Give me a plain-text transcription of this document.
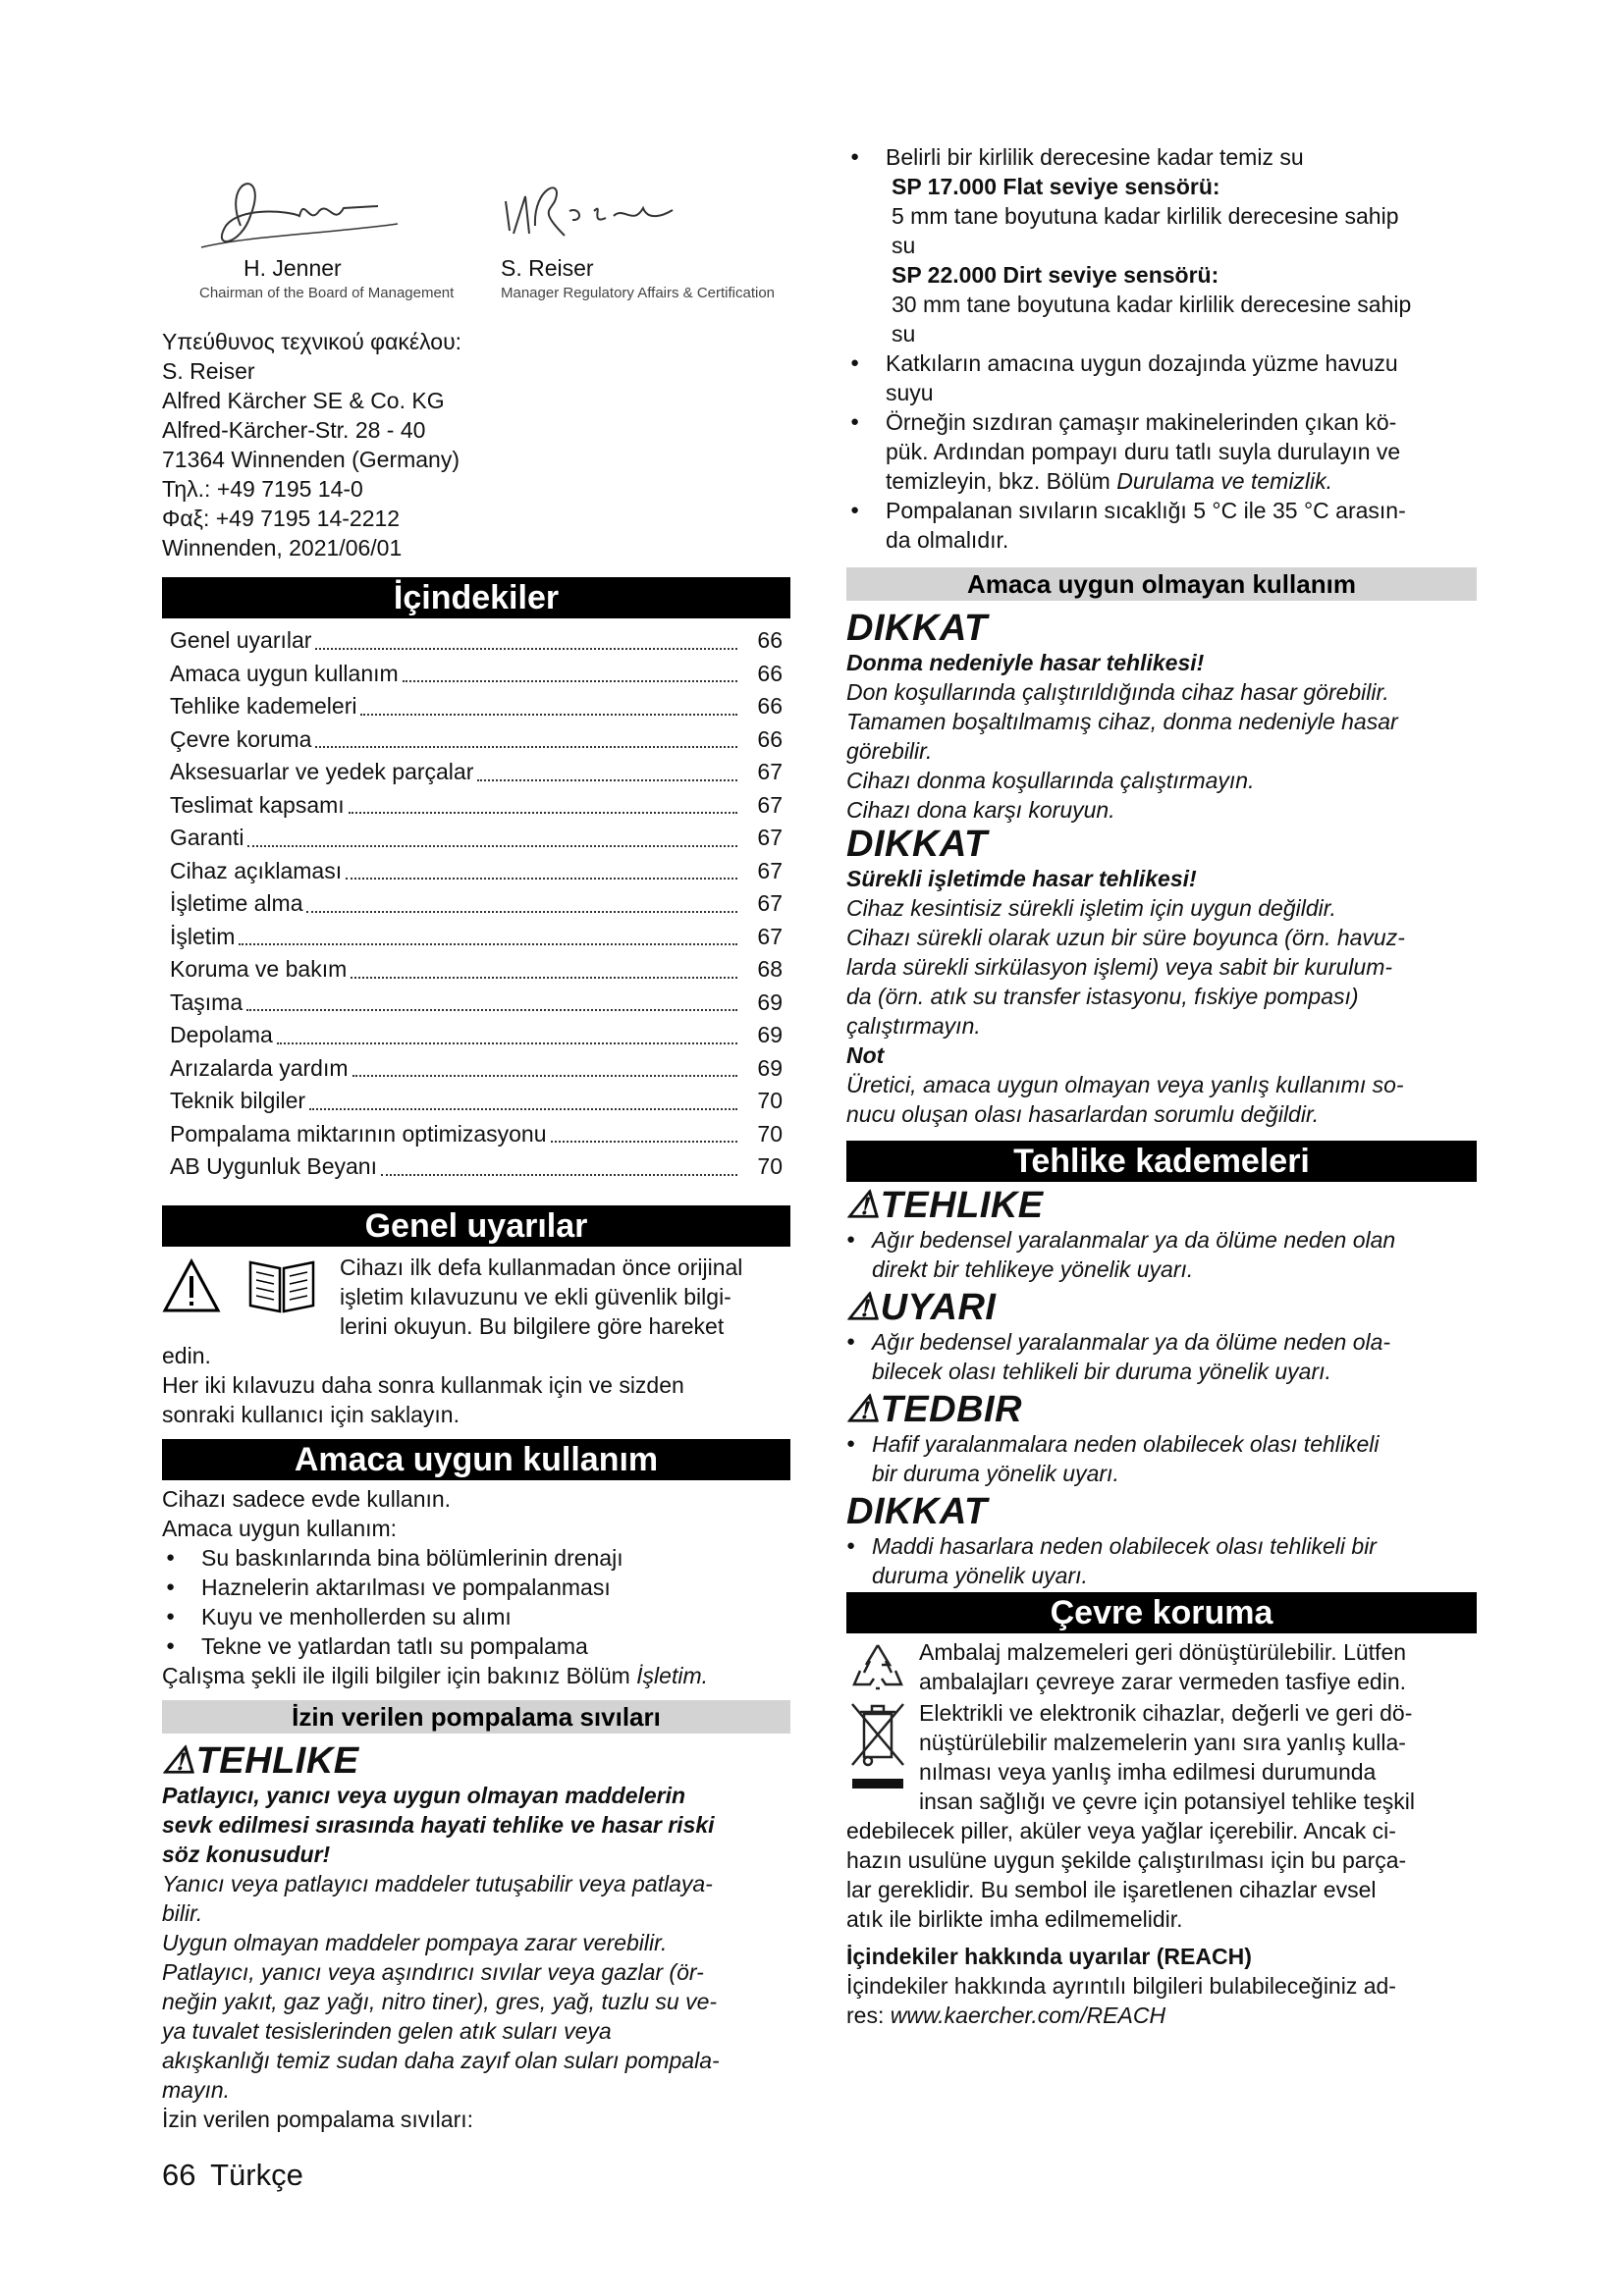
H. Jenner
Chairman of the Board of Management
S. Reiser
Manager Regulatory Affairs & Certification
Υπεύθυνος τεχνικού φακέλου:
S. Reiser
Alfred Kärcher SE & Co. KG
Alfred-Kärcher-Str. 28 - 40
71364 Winnenden (Germany)
Τηλ.: +49 7195 14-0
Φαξ: +49 7195 14-2212
Winnenden, 2021/06/01
İçindekiler
Genel uyarılar	66
Amaca uygun kullanım	66
Tehlike kademeleri	66
Çevre koruma	66
Aksesuarlar ve yedek parçalar	67
Teslimat kapsamı	67
Garanti	67
Cihaz açıklaması	67
İşletime alma	67
İşletim	67
Koruma ve bakım	68
Taşıma	69
Depolama	69
Arızalarda yardım	69
Teknik bilgiler	70
Pompalama miktarının optimizasyonu	70
AB Uygunluk Beyanı	70
Genel uyarılar
Cihazı ilk defa kullanmadan önce orijinal
işletim kılavuzunu ve ekli güvenlik bilgi-
lerini okuyun. Bu bilgilere göre hareket
edin.
Her iki kılavuzu daha sonra kullanmak için ve sizden
sonraki kullanıcı için saklayın.
Amaca uygun kullanım
Cihazı sadece evde kullanın.
Amaca uygun kullanım:
● Su baskınlarında bina bölümlerinin drenajı
● Haznelerin aktarılması ve pompalanması
● Kuyu ve menhollerden su alımı
● Tekne ve yatlardan tatlı su pompalama
Çalışma şekli ile ilgili bilgiler için bakınız Bölüm İşletim.
İzin verilen pompalama sıvıları
⚠TEHLIKE
Patlayıcı, yanıcı veya uygun olmayan maddelerin
sevk edilmesi sırasında hayati tehlike ve hasar riski
söz konusudur!
Yanıcı veya patlayıcı maddeler tutuşabilir veya patlaya-
bilir.
Uygun olmayan maddeler pompaya zarar verebilir.
Patlayıcı, yanıcı veya aşındırıcı sıvılar veya gazlar (ör-
neğin yakıt, gaz yağı, nitro tiner), gres, yağ, tuzlu su ve-
ya tuvalet tesislerinden gelen atık suları veya
akışkanlığı temiz sudan daha zayıf olan suları pompala-
mayın.
İzin verilen pompalama sıvıları:
66 Türkçe
● Belirli bir kirlilik derecesine kadar temiz su
SP 17.000 Flat seviye sensörü:
5 mm tane boyutuna kadar kirlilik derecesine sahip
su
SP 22.000 Dirt seviye sensörü:
30 mm tane boyutuna kadar kirlilik derecesine sahip
su
● Katkıların amacına uygun dozajında yüzme havuzu
suyu
● Örneğin sızdıran çamaşır makinelerinden çıkan kö-
pük. Ardından pompayı duru tatlı suyla durulayın ve
temizleyin, bkz. Bölüm Durulama ve temizlik.
● Pompalanan sıvıların sıcaklığı 5 °C ile 35 °C arasın-
da olmalıdır.
Amaca uygun olmayan kullanım
DIKKAT
Donma nedeniyle hasar tehlikesi!
Don koşullarında çalıştırıldığında cihaz hasar görebilir.
Tamamen boşaltılmamış cihaz, donma nedeniyle hasar
görebilir.
Cihazı donma koşullarında çalıştırmayın.
Cihazı dona karşı koruyun.
DIKKAT
Sürekli işletimde hasar tehlikesi!
Cihaz kesintisiz sürekli işletim için uygun değildir.
Cihazı sürekli olarak uzun bir süre boyunca (örn. havuz-
larda sürekli sirkülasyon işlemi) veya sabit bir kurulum-
da (örn. atık su transfer istasyonu, fıskiye pompası)
çalıştırmayın.
Not
Üretici, amaca uygun olmayan veya yanlış kullanımı so-
nucu oluşan olası hasarlardan sorumlu değildir.
Tehlike kademeleri
⚠TEHLIKE
● Ağır bedensel yaralanmalar ya da ölüme neden olan
direkt bir tehlikeye yönelik uyarı.
⚠UYARI
● Ağır bedensel yaralanmalar ya da ölüme neden ola-
bilecek olası tehlikeli bir duruma yönelik uyarı.
⚠TEDBIR
● Hafif yaralanmalara neden olabilecek olası tehlikeli
bir duruma yönelik uyarı.
DIKKAT
● Maddi hasarlara neden olabilecek olası tehlikeli bir
duruma yönelik uyarı.
Çevre koruma
Ambalaj malzemeleri geri dönüştürülebilir. Lütfen
ambalajları çevreye zarar vermeden tasfiye edin.
Elektrikli ve elektronik cihazlar, değerli ve geri dö-
nüştürülebilir malzemelerin yanı sıra yanlış kulla-
nılması veya yanlış imha edilmesi durumunda
insan sağlığı ve çevre için potansiyel tehlike teşkil
edebilecek piller, aküler veya yağlar içerebilir. Ancak ci-
hazın usulüne uygun şekilde çalıştırılması için bu parça-
lar gereklidir. Bu sembol ile işaretlenen cihazlar evsel
atık ile birlikte imha edilmemelidir.
İçindekiler hakkında uyarılar (REACH)
İçindekiler hakkında ayrıntılı bilgileri bulabileceğiniz ad-
res: www.kaercher.com/REACH
